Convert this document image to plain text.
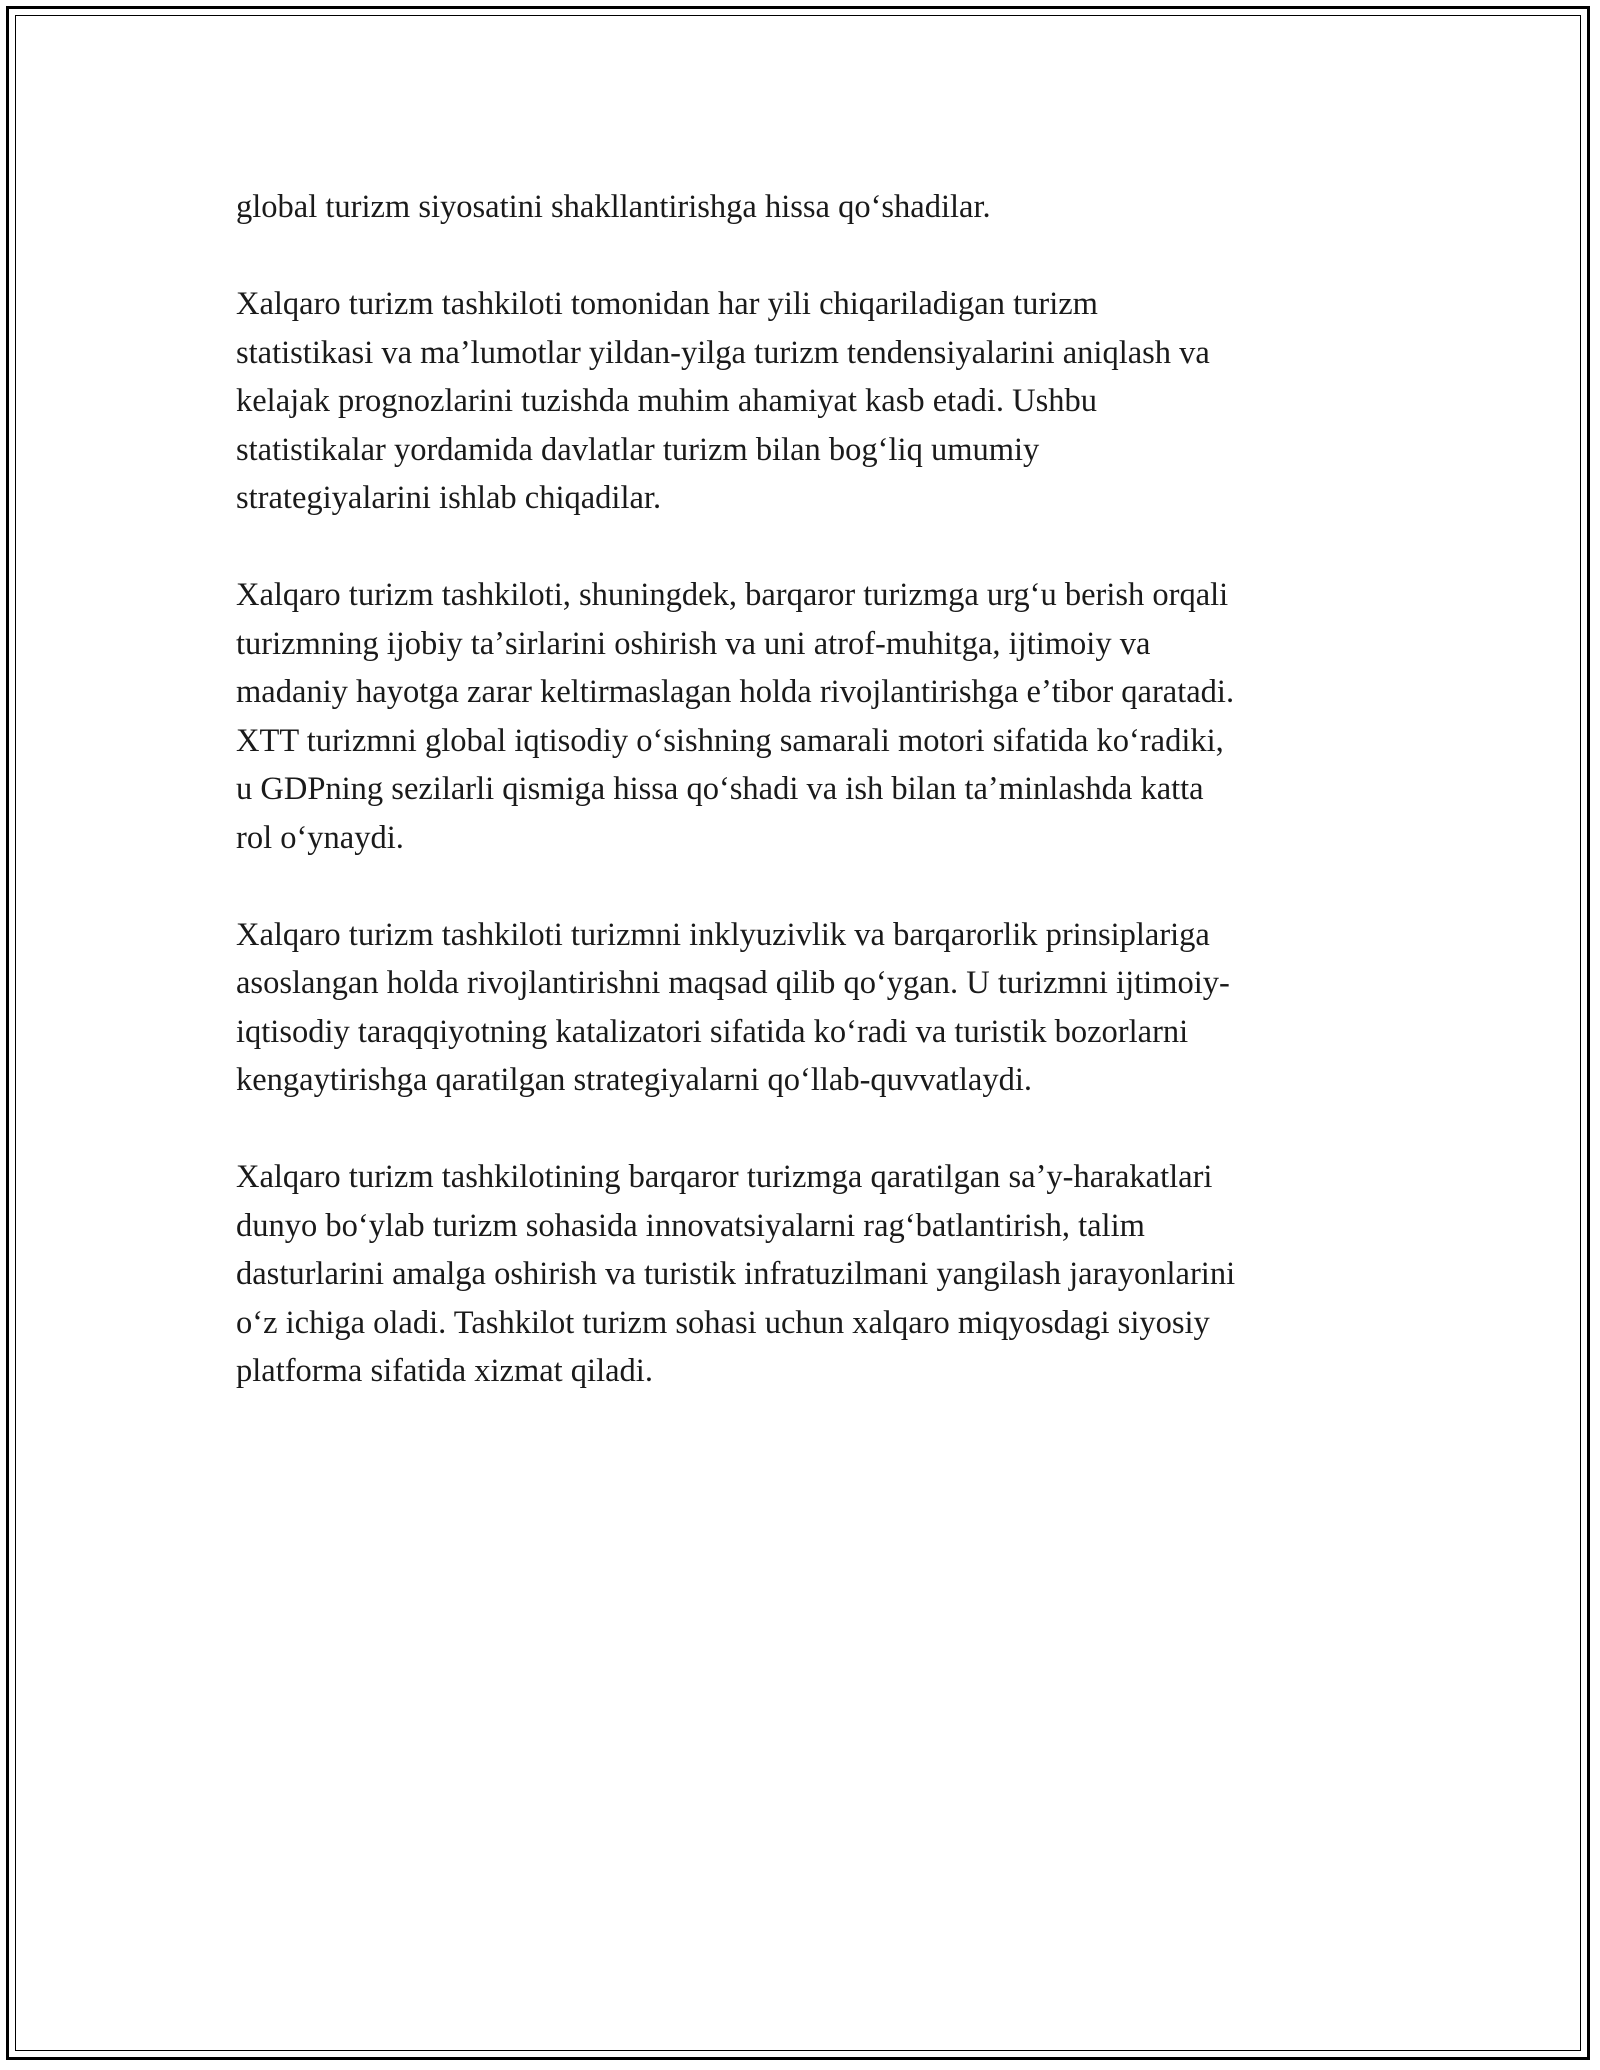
global turizm siyosatini shakllantirishga hissa qoʻshadilar.

Xalqaro turizm tashkiloti tomonidan har yili chiqariladigan turizm
statistikasi va maʼlumotlar yildan-yilga turizm tendensiyalarini aniqlash va
kelajak prognozlarini tuzishda muhim ahamiyat kasb etadi. Ushbu
statistikalar yordamida davlatlar turizm bilan bogʻliq umumiy
strategiyalarini ishlab chiqadilar.

Xalqaro turizm tashkiloti, shuningdek, barqaror turizmga urgʻu berish orqali
turizmning ijobiy taʼsirlarini oshirish va uni atrof-muhitga, ijtimoiy va
madaniy hayotga zarar keltirmaslagan holda rivojlantirishga eʼtibor qaratadi.
XTT turizmni global iqtisodiy oʻsishning samarali motori sifatida koʻradiki,
u GDPning sezilarli qismiga hissa qoʻshadi va ish bilan taʼminlashda katta
rol oʻynaydi.

Xalqaro turizm tashkiloti turizmni inklyuzivlik va barqarorlik prinsiplariga
asoslangan holda rivojlantirishni maqsad qilib qoʻygan. U turizmni ijtimoiy-
iqtisodiy taraqqiyotning katalizatori sifatida koʻradi va turistik bozorlarni
kengaytirishga qaratilgan strategiyalarni qoʻllab-quvvatlaydi.

Xalqaro turizm tashkilotining barqaror turizmga qaratilgan saʼy-harakatlari
dunyo boʻylab turizm sohasida innovatsiyalarni ragʻbatlantirish, talim
dasturlarini amalga oshirish va turistik infratuzilmani yangilash jarayonlarini
oʻz ichiga oladi. Tashkilot turizm sohasi uchun xalqaro miqyosdagi siyosiy
platforma sifatida xizmat qiladi.
